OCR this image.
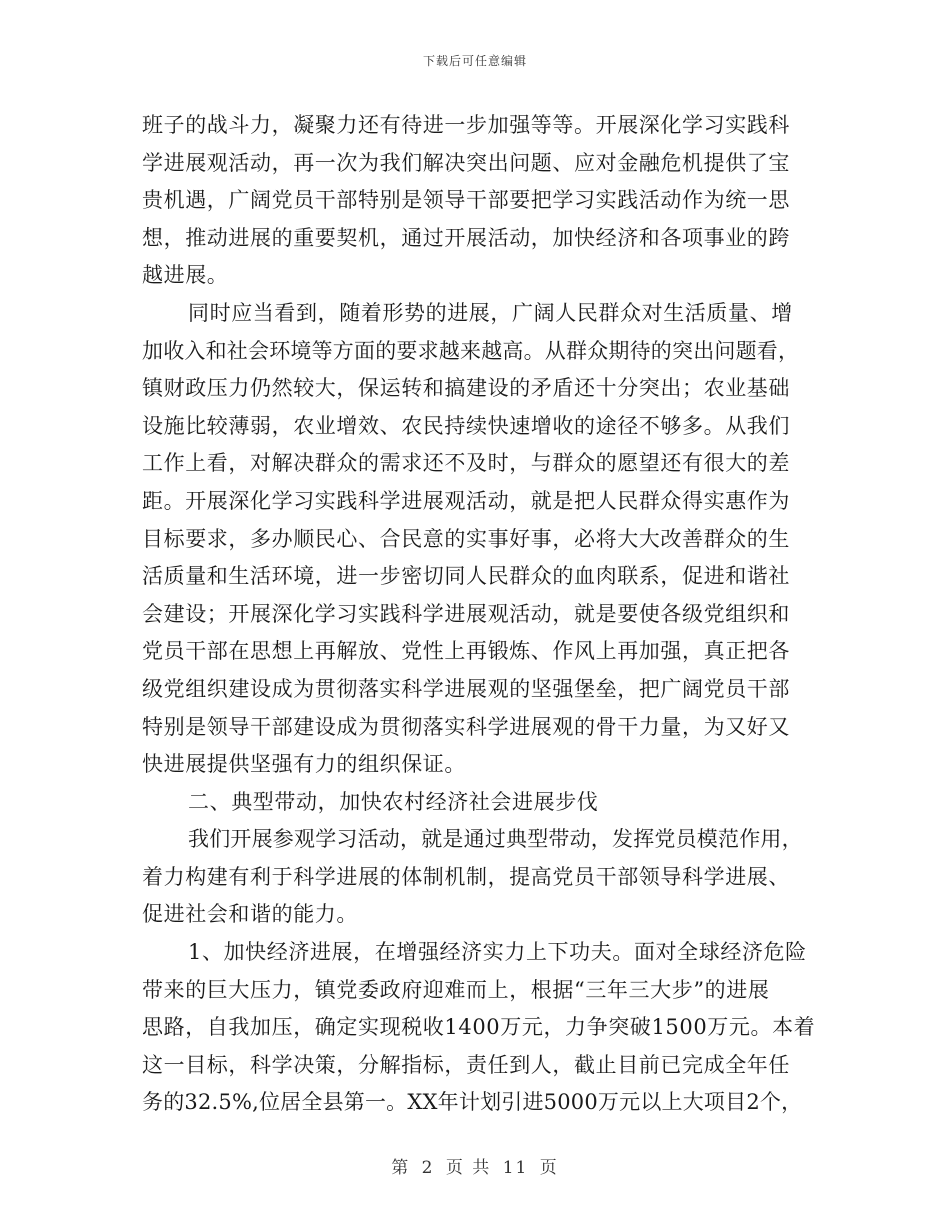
下载后可任意编辑
班子的战斗力，凝聚力还有待进一步加强等等。开展深化学习实践科
学进展观活动，再一次为我们解决突出问题、应对金融危机提供了宝
贵机遇，广阔党员干部特别是领导干部要把学习实践活动作为统一思
想，推动进展的重要契机，通过开展活动，加快经济和各项事业的跨
越进展。
同时应当看到，随着形势的进展，广阔人民群众对生活质量、增
加收入和社会环境等方面的要求越来越高。从群众期待的突出问题看，
镇财政压力仍然较大，保运转和搞建设的矛盾还十分突出；农业基础
设施比较薄弱，农业增效、农民持续快速增收的途径不够多。从我们
工作上看，对解决群众的需求还不及时，与群众的愿望还有很大的差
距。开展深化学习实践科学进展观活动，就是把人民群众得实惠作为
目标要求，多办顺民心、合民意的实事好事，必将大大改善群众的生
活质量和生活环境，进一步密切同人民群众的血肉联系，促进和谐社
会建设；开展深化学习实践科学进展观活动，就是要使各级党组织和
党员干部在思想上再解放、党性上再锻炼、作风上再加强，真正把各
级党组织建设成为贯彻落实科学进展观的坚强堡垒，把广阔党员干部
特别是领导干部建设成为贯彻落实科学进展观的骨干力量，为又好又
快进展提供坚强有力的组织保证。
二、典型带动，加快农村经济社会进展步伐
我们开展参观学习活动，就是通过典型带动，发挥党员模范作用，
着力构建有利于科学进展的体制机制，提高党员干部领导科学进展、
促进社会和谐的能力。
1、加快经济进展，在增强经济实力上下功夫。面对全球经济危险
带来的巨大压力，镇党委政府迎难而上，根据“三年三大步”的进展
思路，自我加压，确定实现税收1400万元，力争突破1500万元。本着
这一目标，科学决策，分解指标，责任到人，截止目前已完成全年任
务的32.5%,位居全县第一。XX年计划引进5000万元以上大项目2个，
第 2 页 共 11 页
